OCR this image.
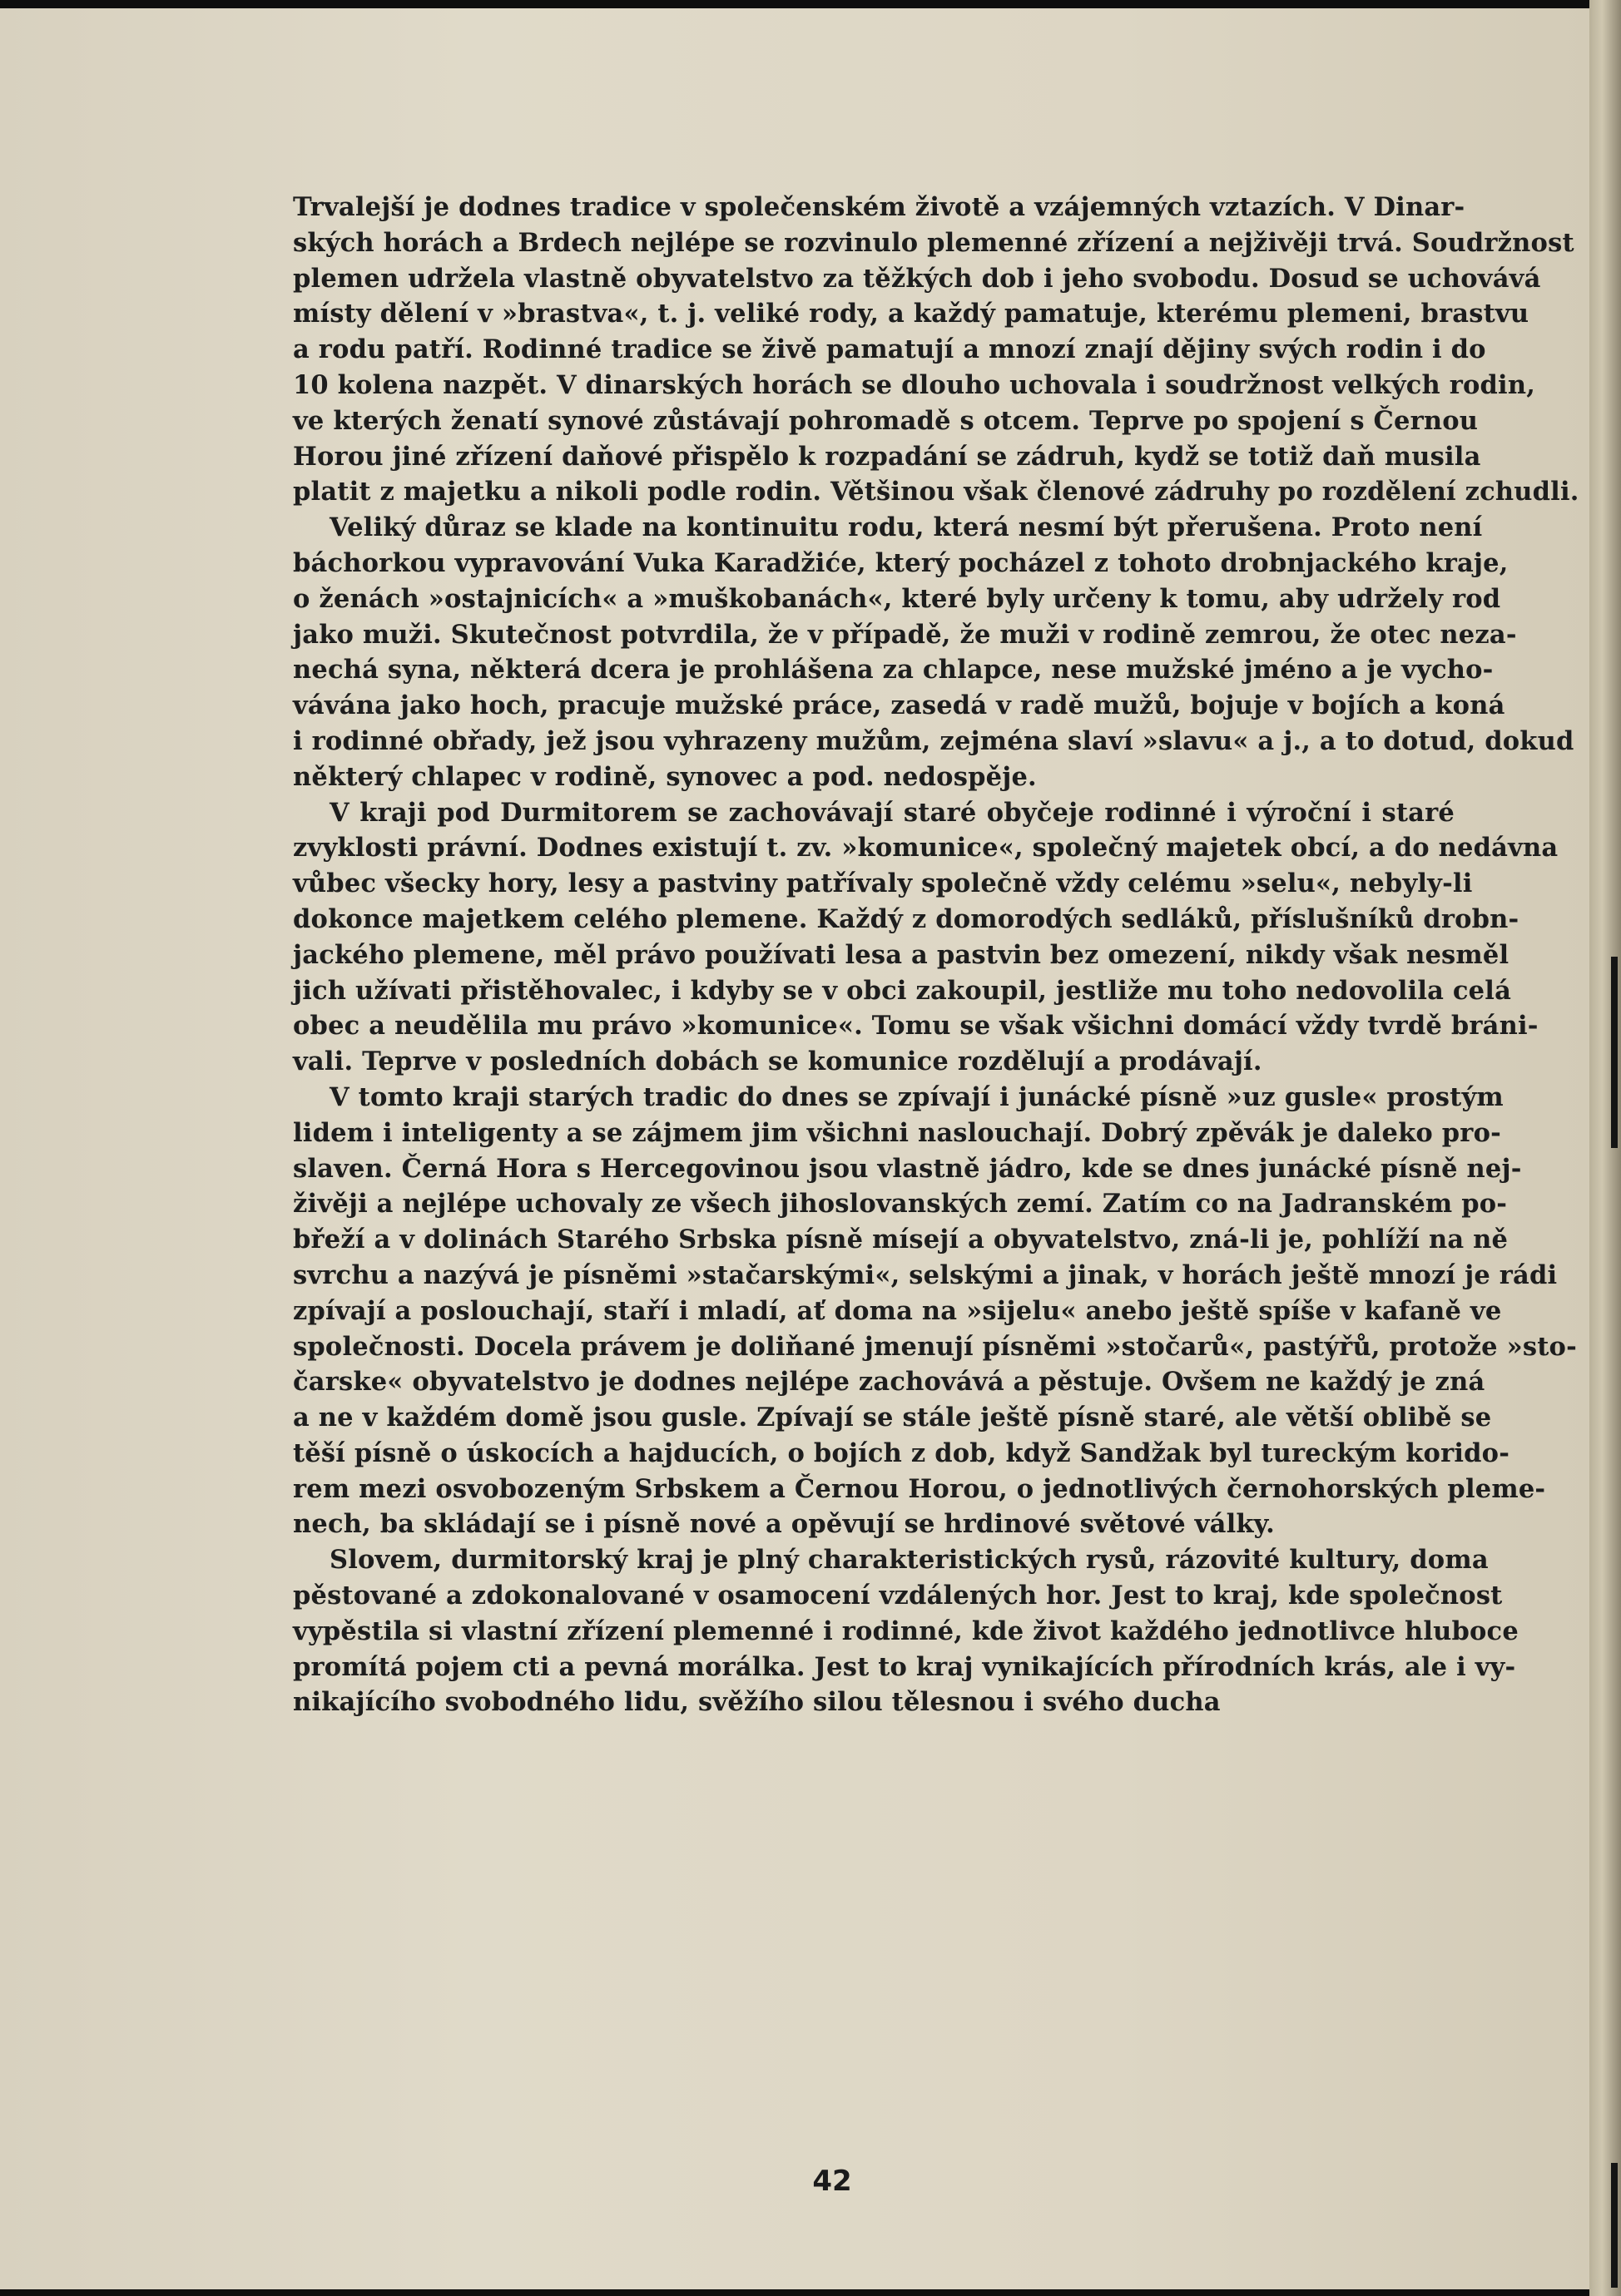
Trvalejší je dodnes tradice v společenském životě a vzájemných vztazích. V Dinar-
ských horách a Brdech nejlépe se rozvinulo plemenné zřízení a nejživěji trvá. Soudržnost
plemen udržela vlastně obyvatelstvo za těžkých dob i jeho svobodu. Dosud se uchovává
místy dělení v »brastva«, t. j. veliké rody, a každý pamatuje, kterému plemeni, brastvu
a rodu patří. Rodinné tradice se živě pamatují a mnozí znají dějiny svých rodin i do
10 kolena nazpět. V dinarských horách se dlouho uchovala i soudržnost velkých rodin,
ve kterých ženatí synové zůstávají pohromadě s otcem. Teprve po spojení s Černou
Horou jiné zřízení daňové přispělo k rozpadání se zádruh, kydž se totiž daň musila
platit z majetku a nikoli podle rodin. Většinou však členové zádruhy po rozdělení zchudli.
Veliký důraz se klade na kontinuitu rodu, která nesmí být přerušena. Proto není
báchorkou vypravování Vuka Karadžiće, který pocházel z tohoto drobnjackého kraje,
o ženách »ostajnicích« a »muškobanách«, které byly určeny k tomu, aby udržely rod
jako muži. Skutečnost potvrdila, že v případě, že muži v rodině zemrou, že otec neza-
nechá syna, některá dcera je prohlášena za chlapce, nese mužské jméno a je vycho-
vávána jako hoch, pracuje mužské práce, zasedá v radě mužů, bojuje v bojích a koná
i rodinné obřady, jež jsou vyhrazeny mužům, zejména slaví »slavu« a j., a to dotud, dokud
některý chlapec v rodině, synovec a pod. nedospěje.
V kraji pod Durmitorem se zachovávají staré obyčeje rodinné i výroční i staré
zvyklosti právní. Dodnes existují t. zv. »komunice«, společný majetek obcí, a do nedávna
vůbec všecky hory, lesy a pastviny patřívaly společně vždy celému »selu«, nebyly-li
dokonce majetkem celého plemene. Každý z domorodých sedláků, příslušníků drobn-
jackého plemene, měl právo používati lesa a pastvin bez omezení, nikdy však nesměl
jich užívati přistěhovalec, i kdyby se v obci zakoupil, jestliže mu toho nedovolila celá
obec a neudělila mu právo »komunice«. Tomu se však všichni domácí vždy tvrdě bráni-
vali. Teprve v posledních dobách se komunice rozdělují a prodávají.
V tomto kraji starých tradic do dnes se zpívají i junácké písně »uz gusle« prostým
lidem i inteligenty a se zájmem jim všichni naslouchají. Dobrý zpěvák je daleko pro-
slaven. Černá Hora s Hercegovinou jsou vlastně jádro, kde se dnes junácké písně nej-
živěji a nejlépe uchovaly ze všech jihoslovanských zemí. Zatím co na Jadranském po-
břeží a v dolinách Starého Srbska písně mísejí a obyvatelstvo, zná-li je, pohlíží na ně
svrchu a nazývá je písněmi »stačarskými«, selskými a jinak, v horách ještě mnozí je rádi
zpívají a poslouchají, staří i mladí, ať doma na »sijelu« anebo ještě spíše v kafaně ve
společnosti. Docela právem je doliňané jmenují písněmi »stočarů«, pastýřů, protože »sto-
čarske« obyvatelstvo je dodnes nejlépe zachovává a pěstuje. Ovšem ne každý je zná
a ne v každém domě jsou gusle. Zpívají se stále ještě písně staré, ale větší oblibě se
těší písně o úskocích a hajducích, o bojích z dob, když Sandžak byl tureckým korido-
rem mezi osvobozeným Srbskem a Černou Horou, o jednotlivých černohorských pleme-
nech, ba skládají se i písně nové a opěvují se hrdinové světové války.
Slovem, durmitorský kraj je plný charakteristických rysů, rázovité kultury, doma
pěstované a zdokonalované v osamocení vzdálených hor. Jest to kraj, kde společnost
vypěstila si vlastní zřízení plemenné i rodinné, kde život každého jednotlivce hluboce
promítá pojem cti a pevná morálka. Jest to kraj vynikajících přírodních krás, ale i vy-
nikajícího svobodného lidu, svěžího silou tělesnou i svého ducha
42
